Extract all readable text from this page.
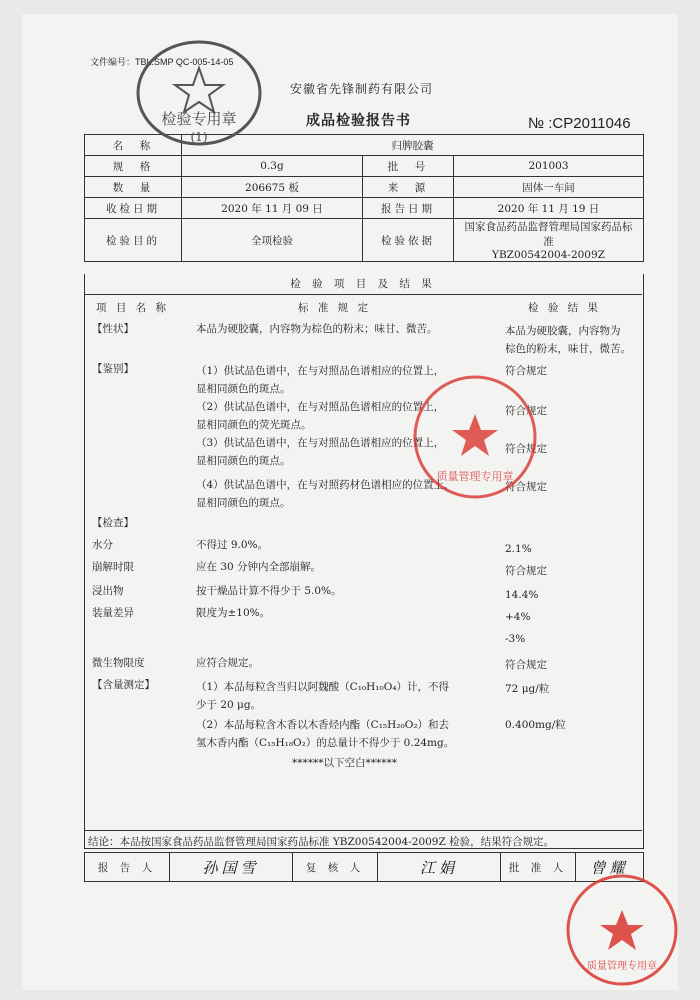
文件编号：TBL.SMP QC-005-14-05
安徽省先锋制药有限公司
成品检验报告书	№ :CP2011046
名　称	归脾胶囊		
规　格	0.3g	批　号	201003
数　量	206675 板	来　源	固体一车间
收检日期	2020 年 11 月 09 日	报告日期	2020 年 11 月 19 日
检验目的	全项检验	检验依据	国家食品药品监督管理局国家药品标准
YBZ00542004-2009Z
检 验 项 目 及 结 果
项 目 名 称	标 准 规 定	检 验 结 果
【性状】	本品为硬胶囊，内容物为棕色的粉末；味甘、微苦。	本品为硬胶囊，内容物为
棕色的粉末，味甘，微苦。
【鉴别】	（1）供试品色谱中，在与对照品色谱相应的位置上，
显相同颜色的斑点。
符合规定
（2）供试品色谱中，在与对照品色谱相应的位置上，
显相同颜色的荧光斑点。
符合规定
（3）供试品色谱中，在与对照品色谱相应的位置上，
显相同颜色的斑点。
符合规定
（4）供试品色谱中，在与对照药材色谱相应的位置上，
显相同颜色的斑点。
符合规定
【检查】
水分	不得过 9.0%。	2.1%
崩解时限	应在 30 分钟内全部崩解。	符合规定
浸出物	按干燥品计算不得少于 5.0%。	14.4%
装量差异	限度为±10%。	+4%
-3%
微生物限度	应符合规定。	符合规定
【含量测定】	（1）本品每粒含当归以阿魏酸（C₁₀H₁₀O₄）计，不得
少于 20 μg。
72 μg/粒
（2）本品每粒含木香以木香烃内酯（C₁₅H₂₀O₂）和去
氢木香内酯（C₁₅H₁₈O₂）的总量计不得少于 0.24mg。
0.400mg/粒
******以下空白******
结论：本品按国家食品药品监督管理局国家药品标准 YBZ00542004-2009Z 检验，结果符合规定。
报 告 人	孙国雪	复 核 人	江娟	批 准 人	曾耀
检验专用章
(1)
质量管理专用章
质量管理专用章
